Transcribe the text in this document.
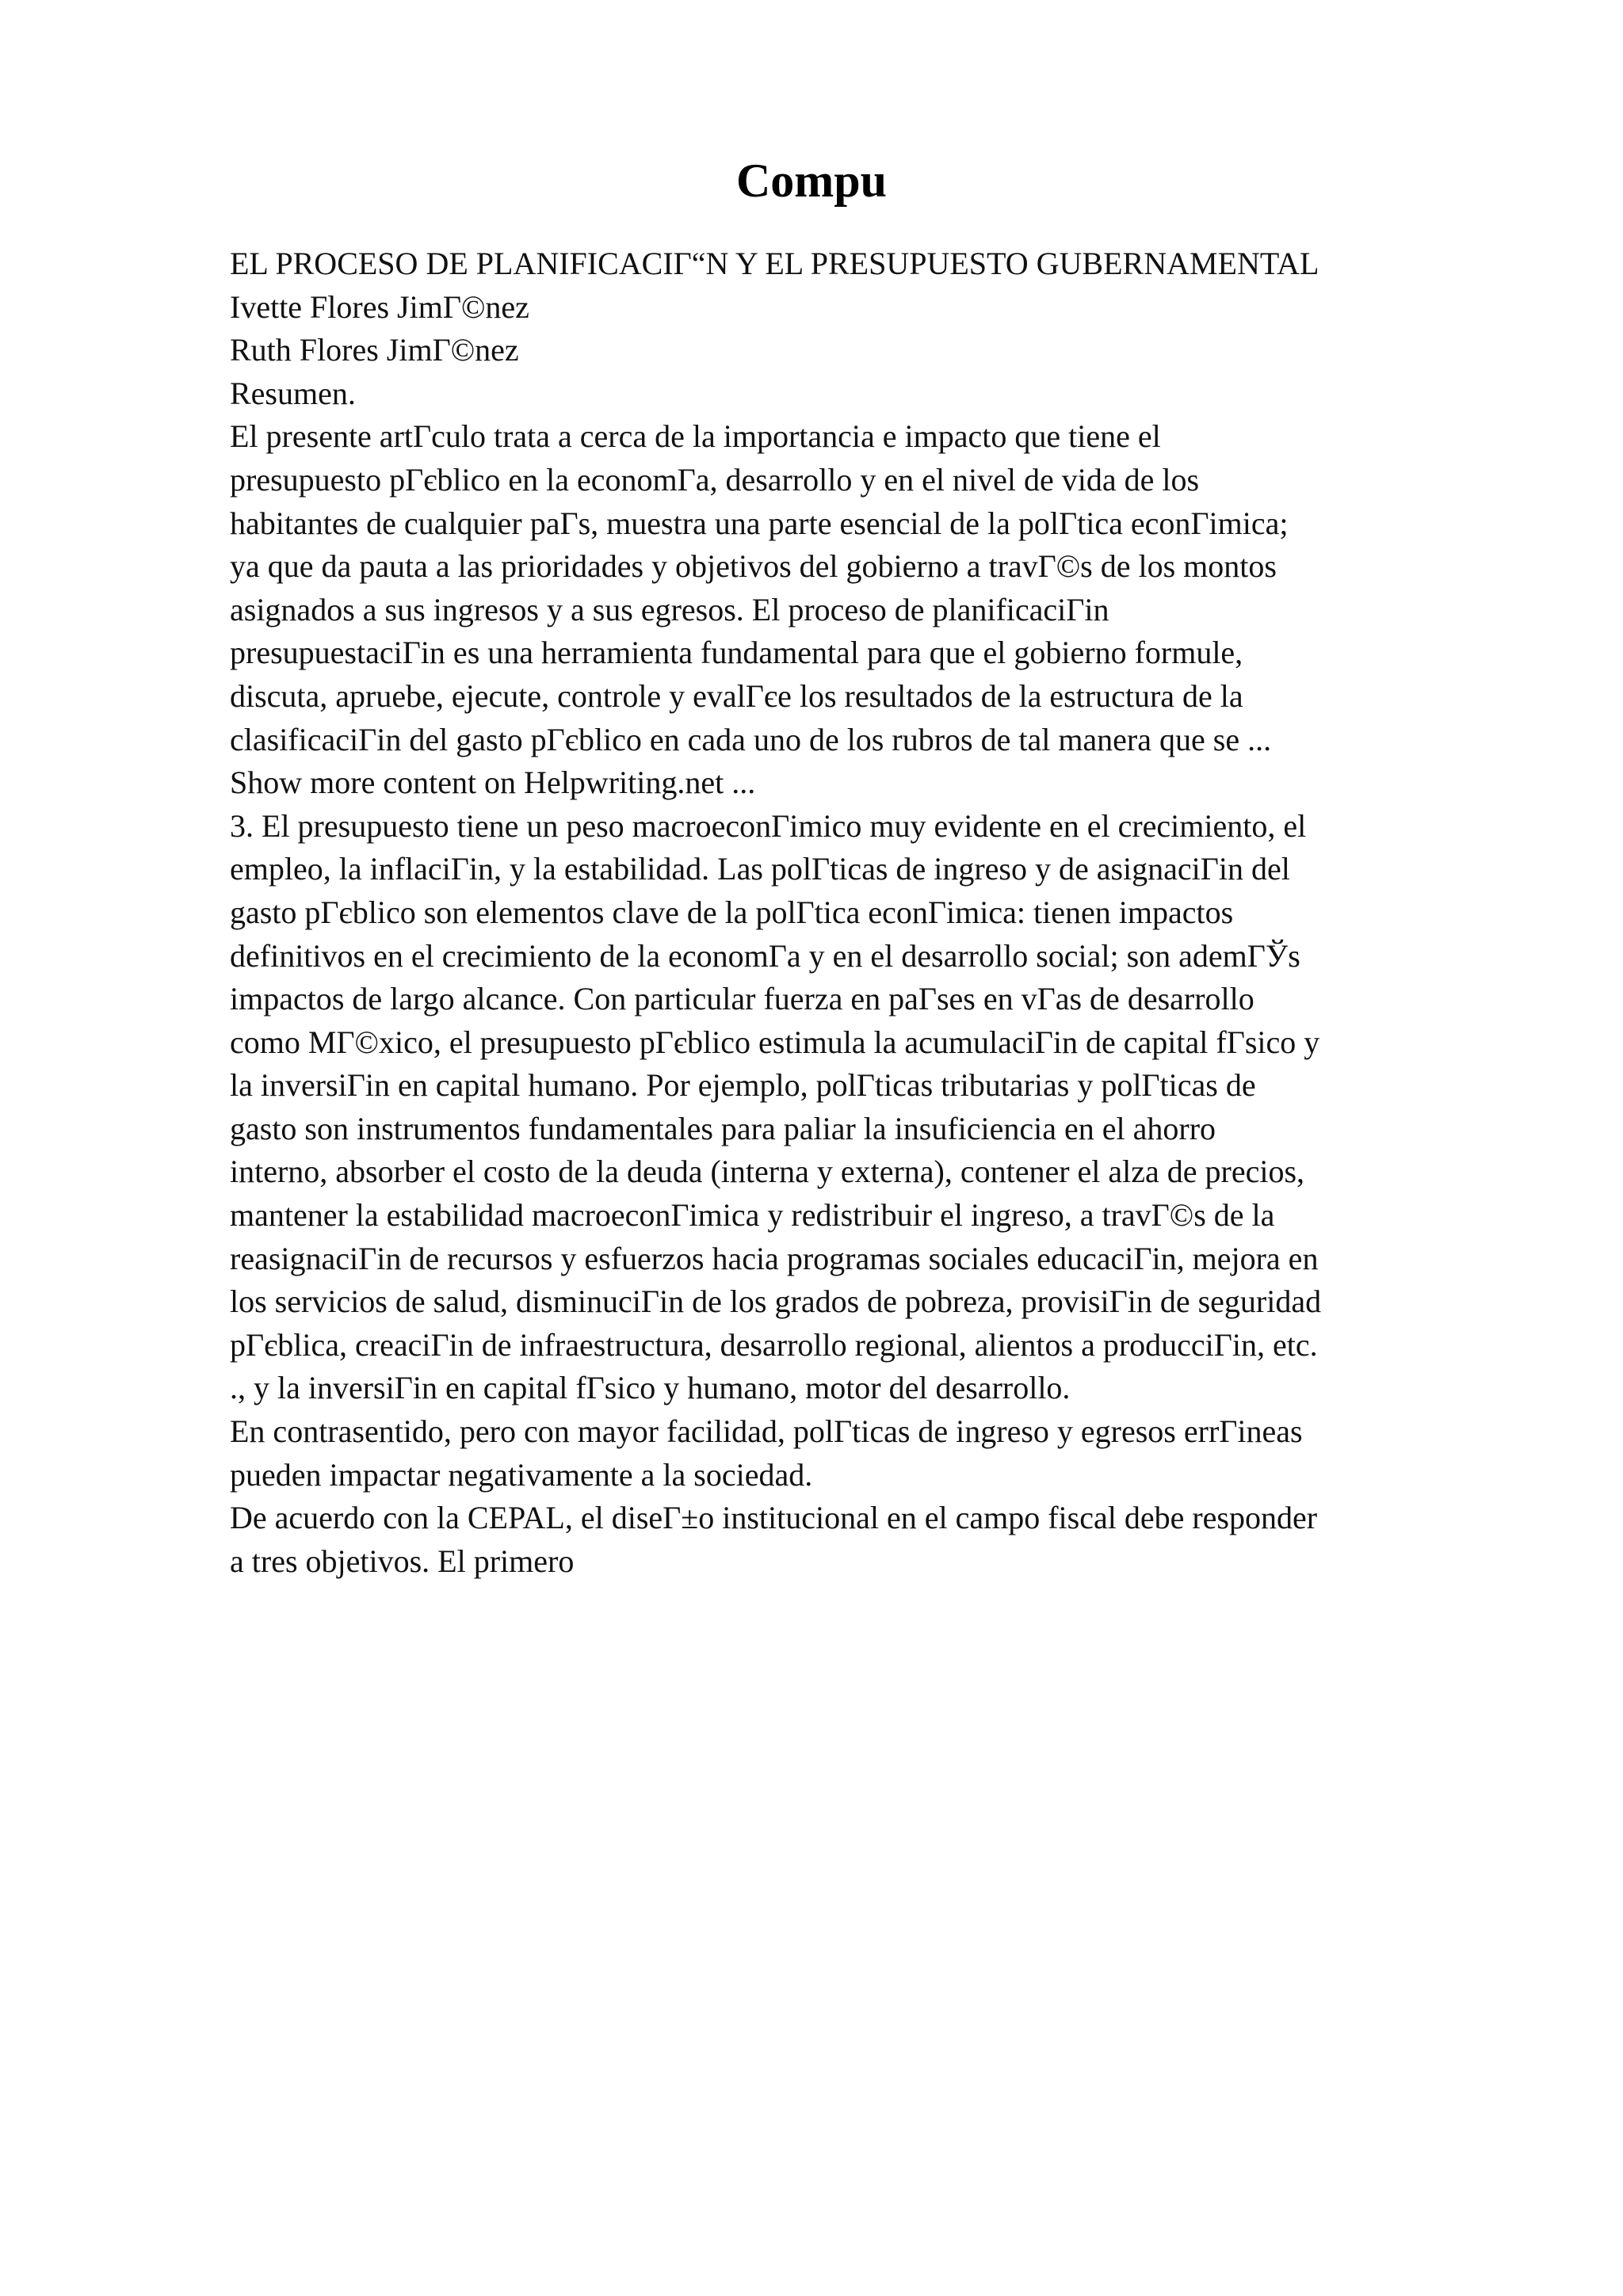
Compu
EL PROCESO DE PLANIFICACIГ“N Y EL PRESUPUESTO GUBERNAMENTAL
Ivette Flores JimГ©nez
Ruth Flores JimГ©nez
Resumen.
El presente artГculo trata a cerca de la importancia e impacto que tiene el
presupuesto pГєblico en la economГa, desarrollo y en el nivel de vida de los
habitantes de cualquier paГs, muestra una parte esencial de la polГtica econГimica;
ya que da pauta a las prioridades y objetivos del gobierno a travГ©s de los montos
asignados a sus ingresos y a sus egresos. El proceso de planificaciГin
presupuestaciГin es una herramienta fundamental para que el gobierno formule,
discuta, apruebe, ejecute, controle y evalГєe los resultados de la estructura de la
clasificaciГin del gasto pГєblico en cada uno de los rubros de tal manera que se ...
Show more content on Helpwriting.net ...
3. El presupuesto tiene un peso macroeconГimico muy evidente en el crecimiento, el
empleo, la inflaciГin, y la estabilidad. Las polГticas de ingreso y de asignaciГin del
gasto pГєblico son elementos clave de la polГtica econГimica: tienen impactos
definitivos en el crecimiento de la economГa y en el desarrollo social; son ademГЎs
impactos de largo alcance. Con particular fuerza en paГses en vГas de desarrollo
como MГ©xico, el presupuesto pГєblico estimula la acumulaciГin de capital fГsico y
la inversiГin en capital humano. Por ejemplo, polГticas tributarias y polГticas de
gasto son instrumentos fundamentales para paliar la insuficiencia en el ahorro
interno, absorber el costo de la deuda (interna y externa), contener el alza de precios,
mantener la estabilidad macroeconГimica y redistribuir el ingreso, a travГ©s de la
reasignaciГin de recursos y esfuerzos hacia programas sociales educaciГin, mejora en
los servicios de salud, disminuciГin de los grados de pobreza, provisiГin de seguridad
pГєblica, creaciГin de infraestructura, desarrollo regional, alientos a producciГin, etc.
., y la inversiГin en capital fГsico y humano, motor del desarrollo.
En contrasentido, pero con mayor facilidad, polГticas de ingreso y egresos errГineas
pueden impactar negativamente a la sociedad.
De acuerdo con la CEPAL, el diseГ±o institucional en el campo fiscal debe responder
a tres objetivos. El primero
